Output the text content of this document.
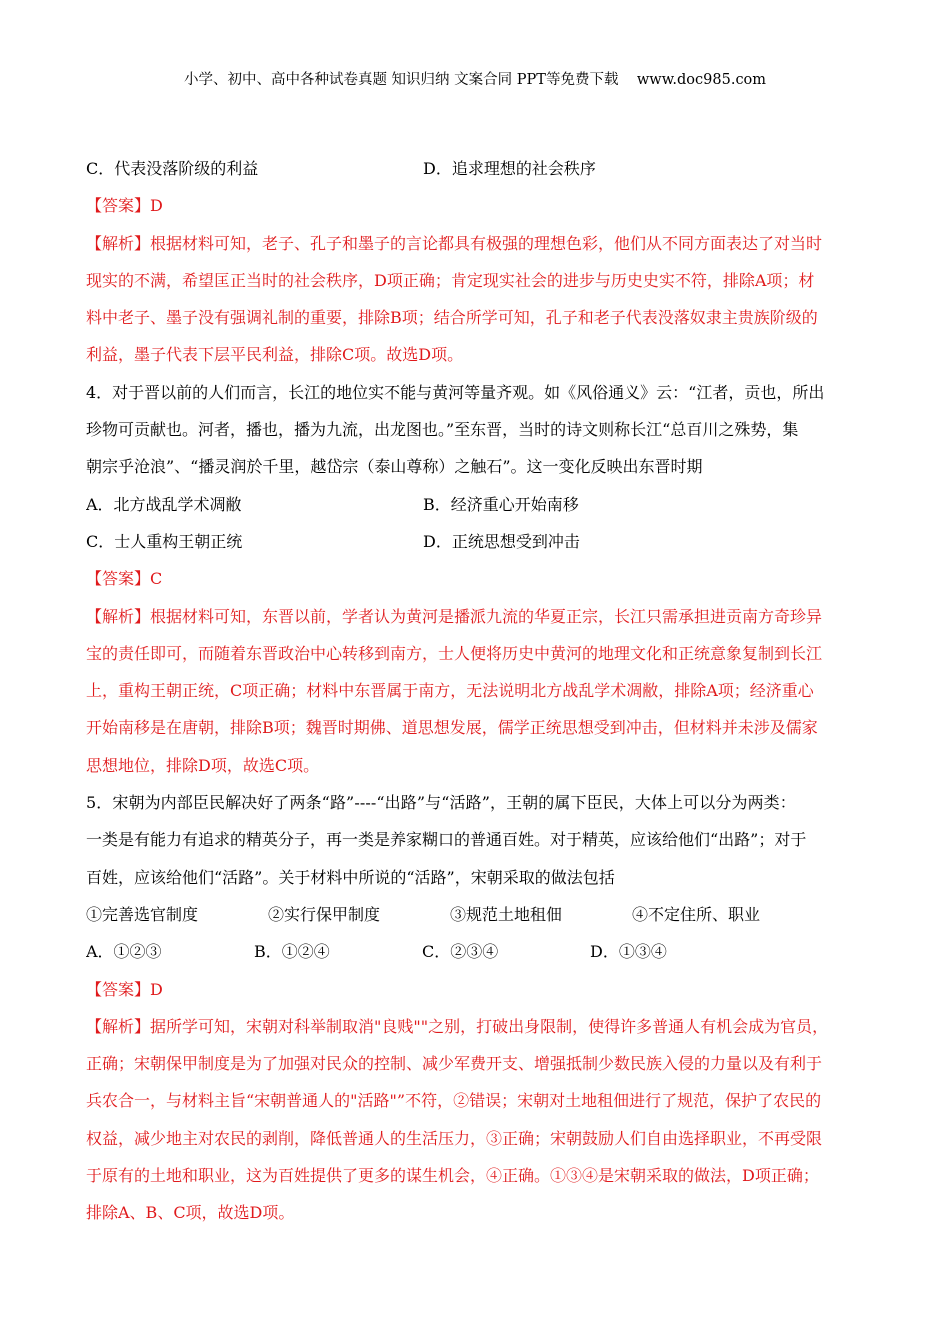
小学、初中、高中各种试卷真题 知识归纳 文案合同 PPT等免费下载    www.doc985.com
C．代表没落阶级的利益	D．追求理想的社会秩序
【答案】D
【解析】根据材料可知，老子、孔子和墨子的言论都具有极强的理想色彩，他们从不同方面表达了对当时
现实的不满，希望匡正当时的社会秩序，D项正确；肯定现实社会的进步与历史史实不符，排除A项；材
料中老子、墨子没有强调礼制的重要，排除B项；结合所学可知，孔子和老子代表没落奴隶主贵族阶级的
利益，墨子代表下层平民利益，排除C项。故选D项。
4．对于晋以前的人们而言，长江的地位实不能与黄河等量齐观。如《风俗通义》云：“江者，贡也，所出
珍物可贡献也。河者，播也，播为九流，出龙图也。”至东晋，当时的诗文则称长江“总百川之殊势，集
朝宗乎沧浪”、“播灵润於千里，越岱宗（泰山尊称）之触石”。这一变化反映出东晋时期
A．北方战乱学术凋敝	B．经济重心开始南移
C．士人重构王朝正统	D．正统思想受到冲击
【答案】C
【解析】根据材料可知，东晋以前，学者认为黄河是播派九流的华夏正宗，长江只需承担进贡南方奇珍异
宝的责任即可，而随着东晋政治中心转移到南方，士人便将历史中黄河的地理文化和正统意象复制到长江
上，重构王朝正统，C项正确；材料中东晋属于南方，无法说明北方战乱学术凋敝，排除A项；经济重心
开始南移是在唐朝，排除B项；魏晋时期佛、道思想发展，儒学正统思想受到冲击，但材料并未涉及儒家
思想地位，排除D项，故选C项。
5．宋朝为内部臣民解决好了两条“路”----“出路”与“活路”，王朝的属下臣民，大体上可以分为两类：
一类是有能力有追求的精英分子，再一类是养家糊口的普通百姓。对于精英，应该给他们“出路”；对于
百姓，应该给他们“活路”。关于材料中所说的“活路”，宋朝采取的做法包括
①完善选官制度	②实行保甲制度	③规范土地租佃	④不定住所、职业
A．①②③	B．①②④	C．②③④	D．①③④
【答案】D
【解析】据所学可知，宋朝对科举制取消"良贱""之别，打破出身限制，使得许多普通人有机会成为官员，
正确；宋朝保甲制度是为了加强对民众的控制、减少军费开支、增强抵制少数民族入侵的力量以及有利于
兵农合一，与材料主旨“宋朝普通人的"活路"”不符，②错误；宋朝对土地租佃进行了规范，保护了农民的
权益，减少地主对农民的剥削，降低普通人的生活压力，③正确；宋朝鼓励人们自由选择职业，不再受限
于原有的土地和职业，这为百姓提供了更多的谋生机会，④正确。①③④是宋朝采取的做法，D项正确；
排除A、B、C项，故选D项。
